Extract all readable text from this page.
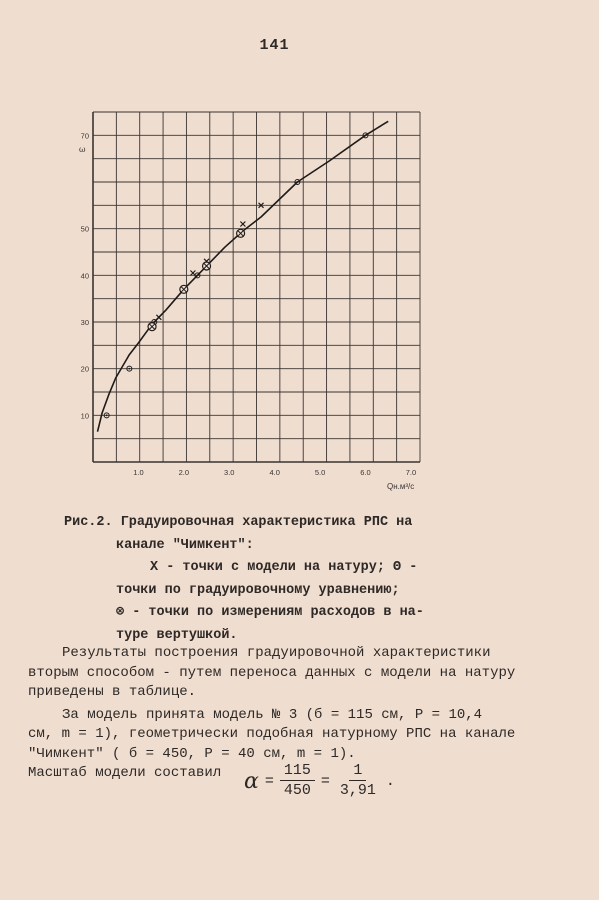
141
1.0	2.0	3.0	4.0	5.0	6.0	7.0
10
20
30
40
50
70
ω
Qн.м³/с
Рис.2. Градуировочная характеристика РПС на
канале "Чимкент":
X - точки с модели на натуру; Θ -
точки по градуировочному уравнению;
⊗ - точки по измерениям расходов в на-
туре вертушкой.
Результаты построения градуировочной характеристики
вторым способом - путем переноса данных с модели на натуру
приведены в таблице.
За модель принята модель № 3 (б = 115 см, P = 10,4
см, m = 1), геометрически подобная натурному РПС на канале
"Чимкент" ( б = 450, P = 40 см, m = 1).
Масштаб модели составил $\alpha = \frac{115}{450} = \frac{1}{3,91}$ .
